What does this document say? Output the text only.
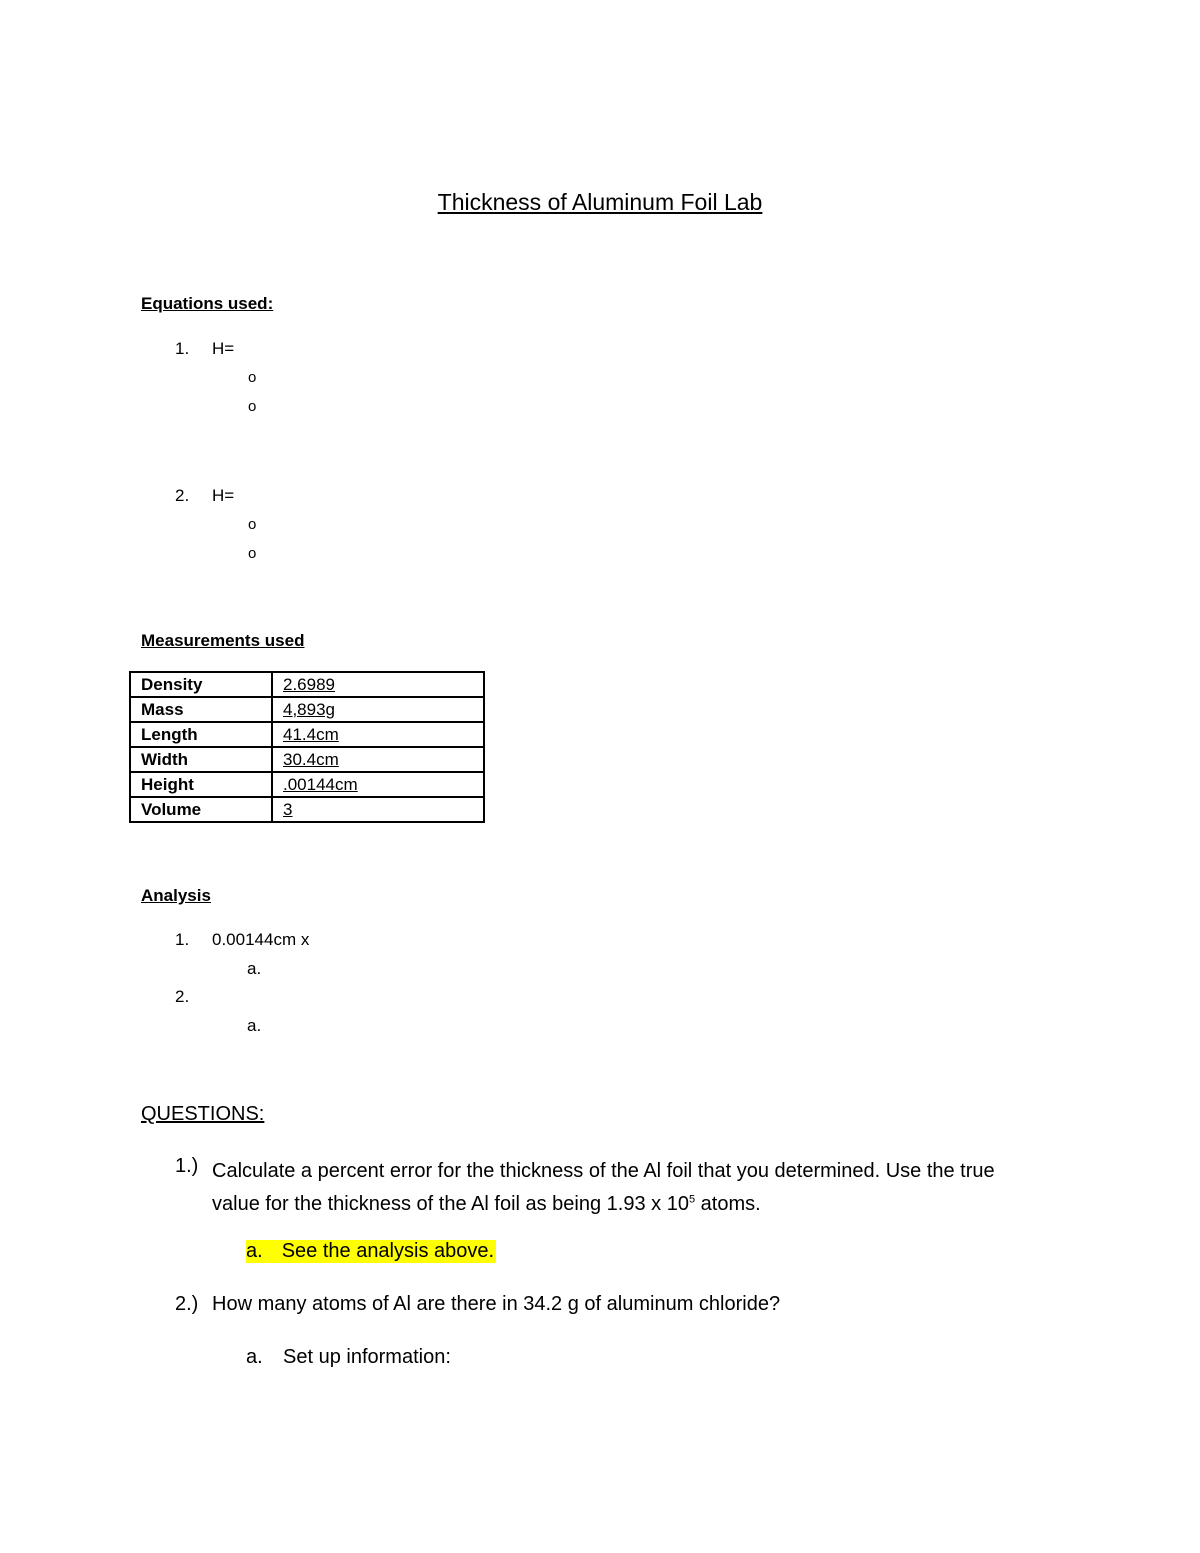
Thickness of Aluminum Foil Lab
Equations used:
1. H=
o
o
2. H=
o
o
Measurements used
Density	2.6989
Mass	4,893g
Length	41.4cm
Width	30.4cm
Height	.00144cm
Volume	3
Analysis
1. 0.00144cm x
a.
2.
a.
QUESTIONS:
1.) Calculate a percent error for the thickness of the Al foil that you determined. Use the true value for the thickness of the Al foil as being 1.93 x $10^5$ atoms.
a. See the analysis above.
2.) How many atoms of Al are there in 34.2 g of aluminum chloride?
a. Set up information:
